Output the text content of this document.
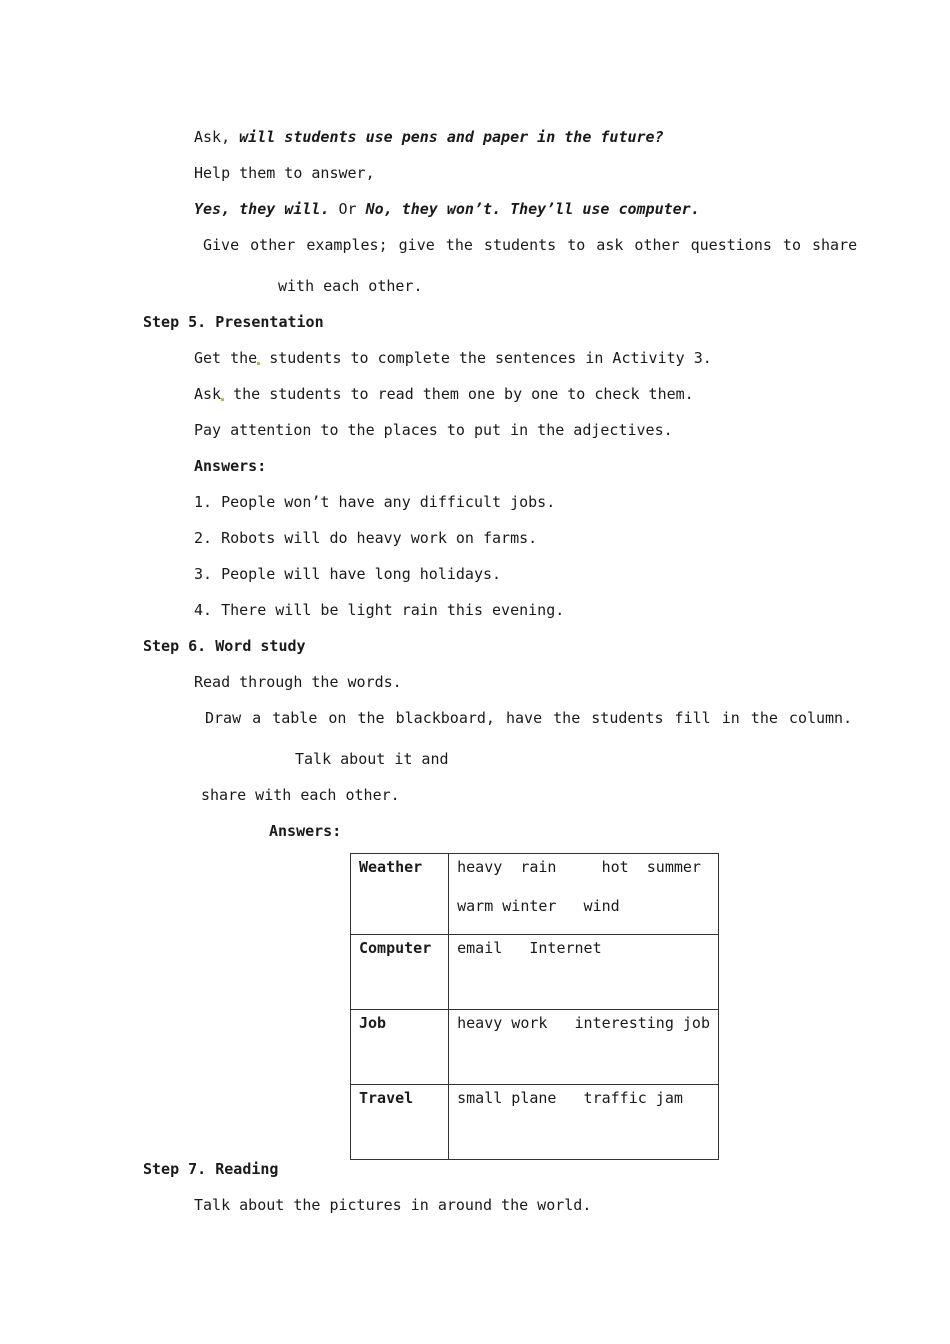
Ask, will students use pens and paper in the future?
Help them to answer,
Yes, they will. Or No, they won’t. They’ll use computer.
Give other examples; give the students to ask other questions to share
with each other.
Step 5. Presentation
Get the students to complete the sentences in Activity 3.
Ask the students to read them one by one to check them.
Pay attention to the places to put in the adjectives.
Answers:
1. People won’t have any difficult jobs.
2. Robots will do heavy work on farms.
3. People will have long holidays.
4. There will be light rain this evening.
Step 6. Word study
Read through the words.
Draw a table on the blackboard, have the students fill in the column.
Talk about it and
share with each other.
Answers:
Weather	heavy  rain     hot  summer
warm winter   wind

Computer	email   Internet
Job	heavy work   interesting job
Travel	small plane   traffic jam
Step 7. Reading
Talk about the pictures in around the world.
